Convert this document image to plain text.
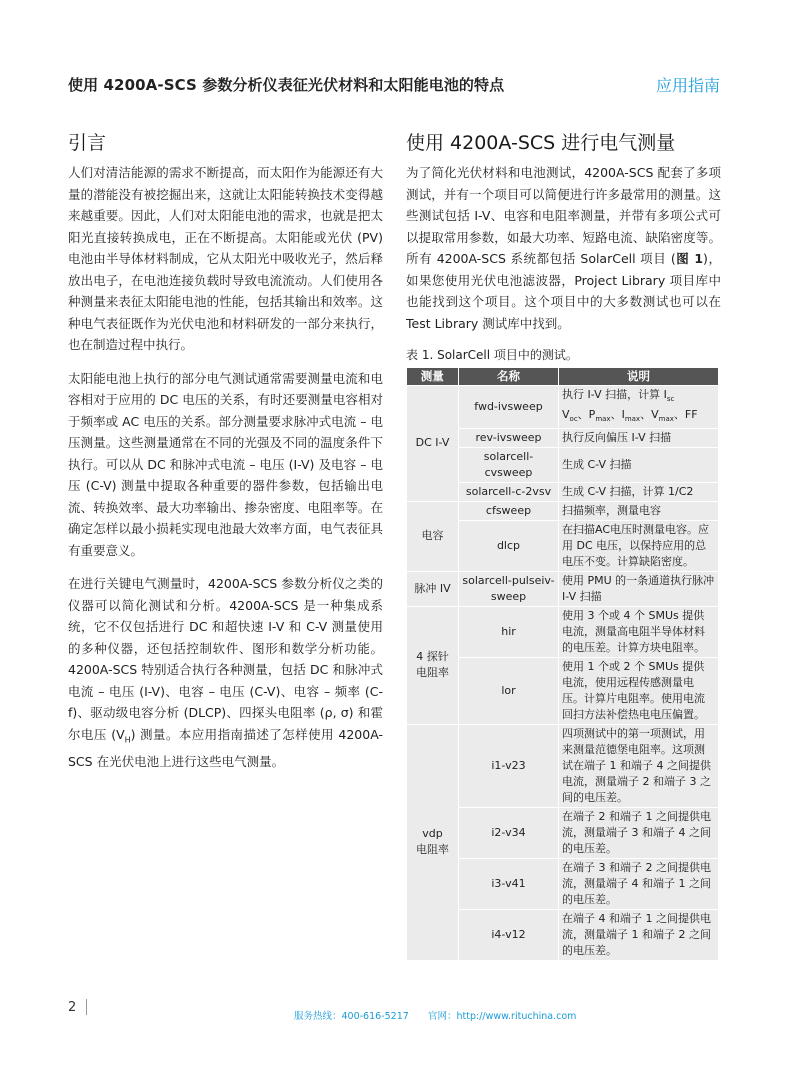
使用 4200A-SCS 参数分析仪表征光伏材料和太阳能电池的特点	应用指南
引言

人们对清洁能源的需求不断提高，而太阳作为能源还有大量的潜能没有被挖掘出来，这就让太阳能转换技术变得越来越重要。因此，人们对太阳能电池的需求，也就是把太阳光直接转换成电，正在不断提高。太阳能或光伏 (PV) 电池由半导体材料制成，它从太阳光中吸收光子，然后释放出电子，在电池连接负载时导致电流流动。人们使用各种测量来表征太阳能电池的性能，包括其输出和效率。这种电气表征既作为光伏电池和材料研发的一部分来执行，也在制造过程中执行。

太阳能电池上执行的部分电气测试通常需要测量电流和电容相对于应用的 DC 电压的关系，有时还要测量电容相对于频率或 AC 电压的关系。部分测量要求脉冲式电流 – 电压测量。这些测量通常在不同的光强及不同的温度条件下执行。可以从 DC 和脉冲式电流 – 电压 (I-V) 及电容 – 电压 (C-V) 测量中提取各种重要的器件参数，包括输出电流、转换效率、最大功率输出、掺杂密度、电阻率等。在确定怎样以最小损耗实现电池最大效率方面，电气表征具有重要意义。

在进行关键电气测量时，4200A-SCS 参数分析仪之类的仪器可以简化测试和分析。4200A-SCS 是一种集成系统，它不仅包括进行 DC 和超快速 I-V 和 C-V 测量使用的多种仪器，还包括控制软件、图形和数学分析功能。4200A-SCS 特别适合执行各种测量，包括 DC 和脉冲式电流 – 电压 (I-V)、电容 – 电压 (C-V)、电容 – 频率 (C-f)、驱动级电容分析 (DLCP)、四探头电阻率 (ρ, σ) 和霍尔电压 $(V_H)$ 测量。本应用指南描述了怎样使用 4200A-SCS 在光伏电池上进行这些电气测量。

使用 4200A-SCS 进行电气测量

为了简化光伏材料和电池测试，4200A-SCS 配套了多项测试，并有一个项目可以简便进行许多最常用的测量。这些测试包括 I-V、电容和电阻率测量，并带有多项公式可以提取常用参数，如最大功率、短路电流、缺陷密度等。所有 4200A-SCS 系统都包括 SolarCell 项目 (图 1)，如果您使用光伏电池滤波器，Project Library 项目库中也能找到这个项目。这个项目中的大多数测试也可以在 Test Library 测试库中找到。

表 1. SolarCell 项目中的测试。
测量	名称	说明
DC I-V	fwd-ivsweep	执行 I-V 扫描，计算 $I_{sc}$
$V_{oc}$、$P_{max}$、$I_{max}$、$V_{max}$、FF
	rev-ivsweep	执行反向偏压 I-V 扫描
	solarcell-cvsweep	生成 C-V 扫描
	solarcell-c-2vsv	生成 C-V 扫描，计算 1/C2
电容	cfsweep	扫描频率，测量电容
	dlcp	在扫描AC电压时测量电容。应用 DC 电压，以保持应用的总电压不变。计算缺陷密度。
脉冲 IV	solarcell-pulseiv-sweep	使用 PMU 的一条通道执行脉冲 I-V 扫描
4 探针
电阻率	hir	使用 3 个或 4 个 SMUs 提供电流，测量高电阻半导体材料的电压差。计算方块电阻率。
	lor	使用 1 个或 2 个 SMUs 提供电流，使用远程传感测量电压。计算片电阻率。使用电流回扫方法补偿热电电压偏置。
vdp
电阻率	i1-v23	四项测试中的第一项测试，用来测量范德堡电阻率。这项测试在端子 1 和端子 4 之间提供电流，测量端子 2 和端子 3 之间的电压差。
	i2-v34	在端子 2 和端子 1 之间提供电流，测量端子 3 和端子 4 之间的电压差。
	i3-v41	在端子 3 和端子 2 之间提供电流，测量端子 4 和端子 1 之间的电压差。
	i4-v12	在端子 4 和端子 1 之间提供电流，测量端子 1 和端子 2 之间的电压差。
2
服务热线：400-616-5217 官网：http://www.rituchina.com
